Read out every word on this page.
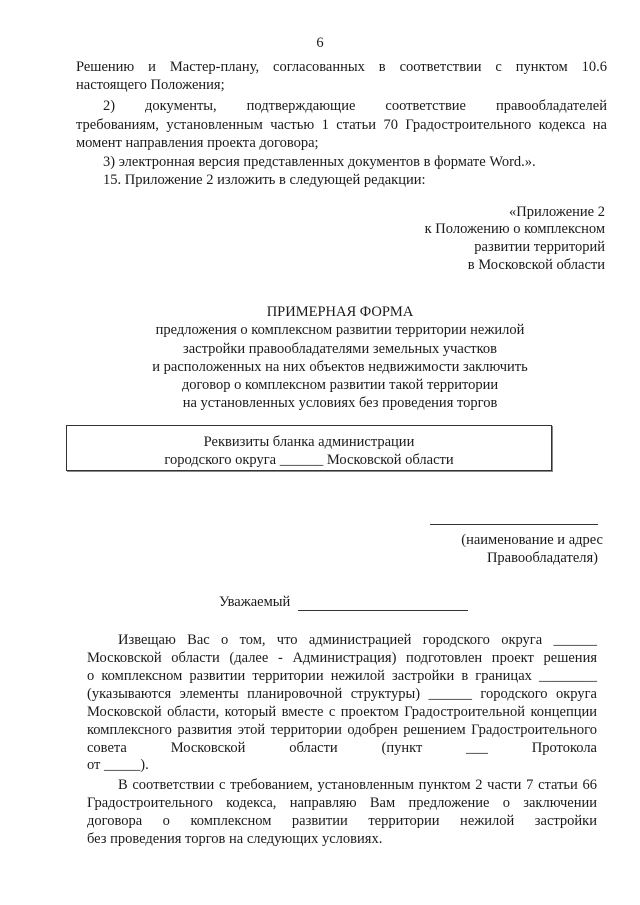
6
Решению и Мастер-плану, согласованных в соответствии с пунктом 10.6
настоящего Положения;
2) документы, подтверждающие соответствие правообладателей
требованиям, установленным частью 1 статьи 70 Градостроительного кодекса на
момент направления проекта договора;
3) электронная версия представленных документов в формате Word.».
15. Приложение 2 изложить в следующей редакции:
«Приложение 2
к Положению о комплексном
развитии территорий
в Московской области
ПРИМЕРНАЯ ФОРМА
предложения о комплексном развитии территории нежилой
застройки правообладателями земельных участков
и расположенных на них объектов недвижимости заключить
договор о комплексном развитии такой территории
на установленных условиях без проведения торгов
Реквизиты бланка администрации
городского округа ______ Московской области
(наименование и адрес
Правообладателя)
Уважаемый
Извещаю Вас о том, что администрацией городского округа ______
Московской области (далее - Администрация) подготовлен проект решения
о комплексном развитии территории нежилой застройки в границах ________
(указываются элементы планировочной структуры) ______ городского округа
Московской области, который вместе с проектом Градостроительной концепции
комплексного развития этой территории одобрен решением Градостроительного
совета Московской области (пункт ___ Протокола
от _____).
В соответствии с требованием, установленным пунктом 2 части 7 статьи 66
Градостроительного кодекса, направляю Вам предложение о заключении
договора о комплексном развитии территории нежилой застройки
без проведения торгов на следующих условиях.
